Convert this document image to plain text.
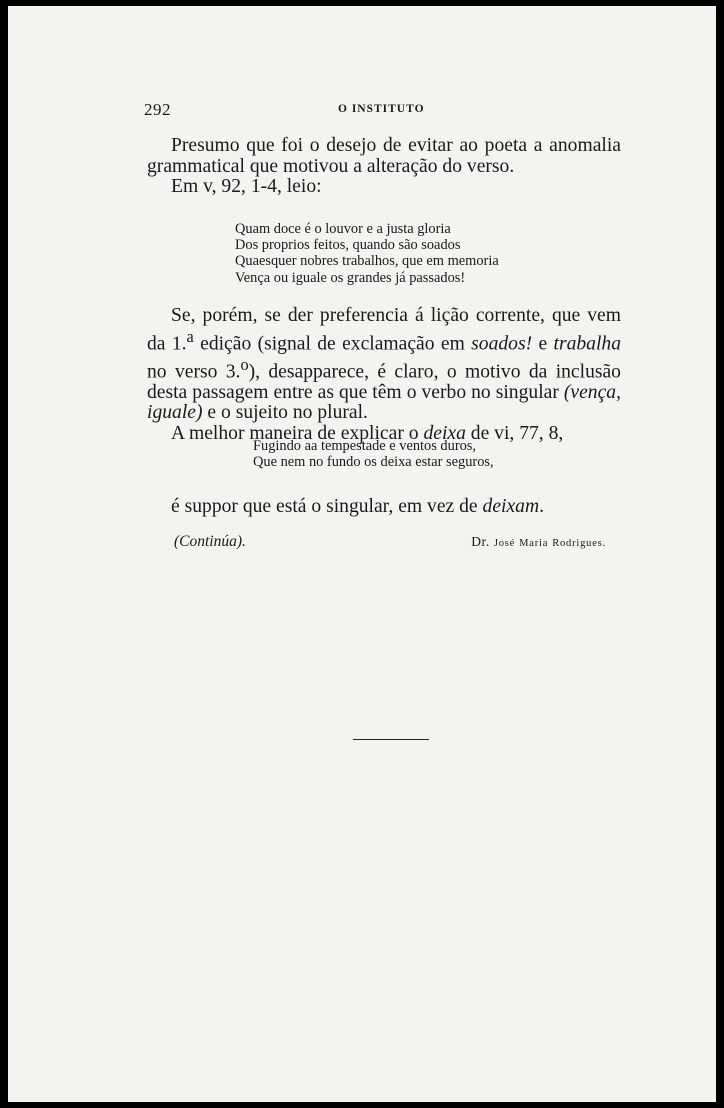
292	O INSTITUTO

Presumo que foi o desejo de evitar ao poeta a anomalia grammatical que motivou a alteração do verso.

Em v, 92, 1-4, leio:

Quam doce é o louvor e a justa gloria
Dos proprios feitos, quando são soados
Quaesquer nobres trabalhos, que em memoria
Vença ou iguale os grandes já passados!

Se, porém, se der preferencia á lição corrente, que vem da 1.$^a$ edição (signal de exclamação em soados! e trabalha no verso 3.$^o$), desapparece, é claro, o motivo da inclusão desta passagem entre as que têm o verbo no singular (vença, iguale) e o sujeito no plural.

A melhor maneira de explicar o deixa de vi, 77, 8,

Fugindo aa tempestade e ventos duros,
Que nem no fundo os deixa estar seguros,

é suppor que está o singular, em vez de deixam.

(Continúa).	Dr. José Maria Rodrigues.
